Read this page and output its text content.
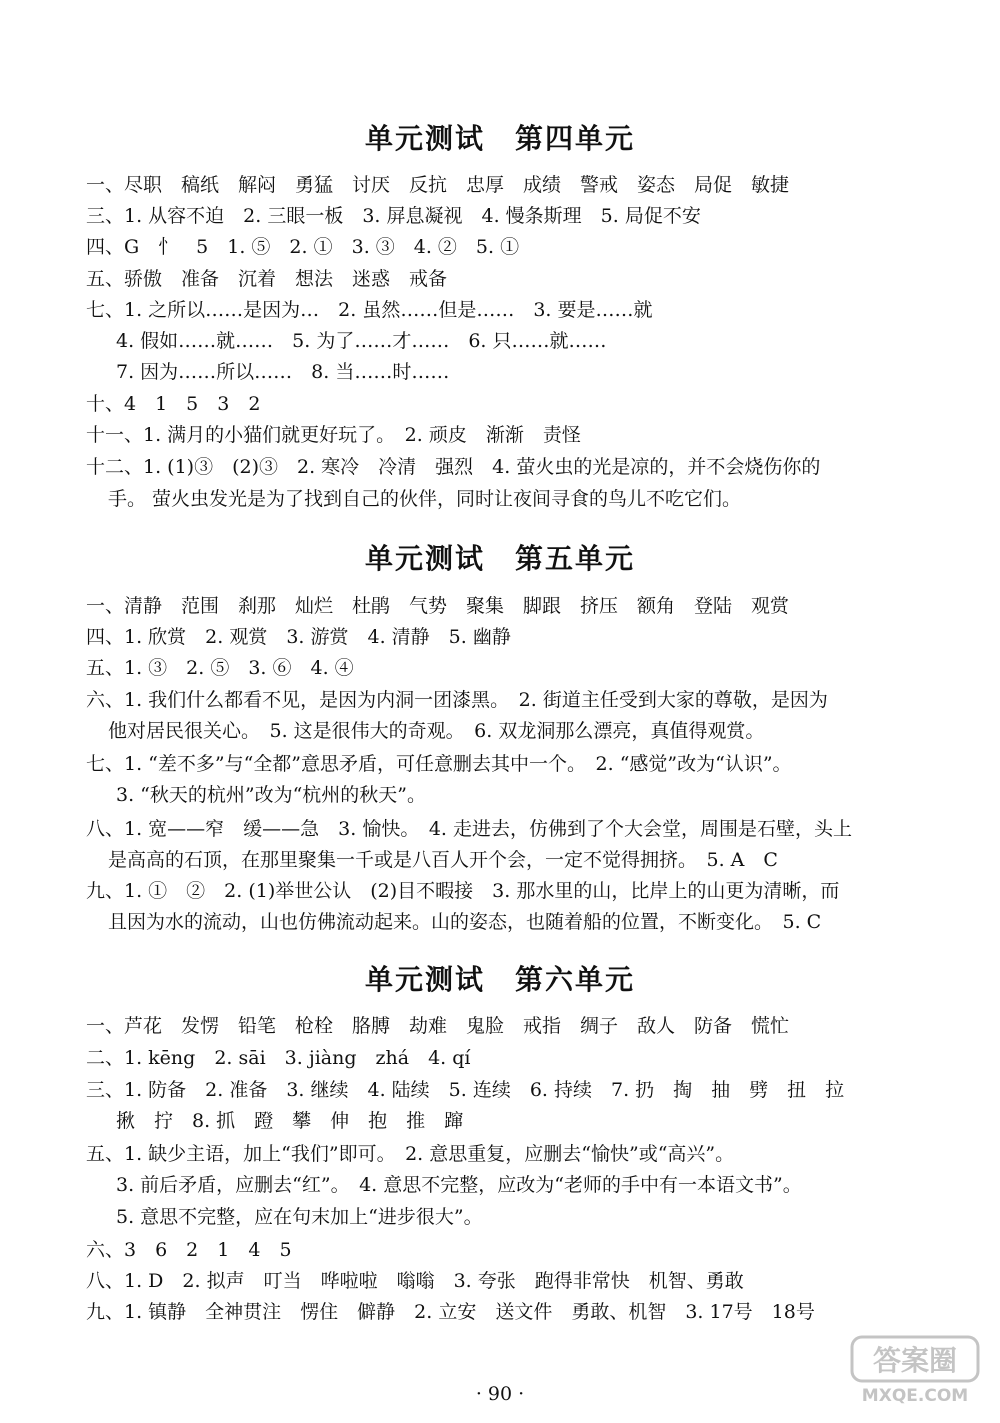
单元测试　第四单元
一、尽职　稿纸　解闷　勇猛　讨厌　反抗　忠厚　成绩　警戒　姿态　局促　敏捷
三、1. 从容不迫　2. 三眼一板　3. 屏息凝视　4. 慢条斯理　5. 局促不安
四、G　忄　5　1. ⑤　2. ①　3. ③　4. ②　5. ①
五、骄傲　准备　沉着　想法　迷惑　戒备
七、1. 之所以……是因为…　2. 虽然……但是……　3. 要是……就
4. 假如……就……　5. 为了……才……　6. 只……就……
7. 因为……所以……　8. 当……时……
十、4　1　5　3　2
十一、1. 满月的小猫们就更好玩了。　2. 顽皮　渐渐　责怪
十二、1. (1)③　(2)③　2. 寒冷　冷清　强烈　4. 萤火虫的光是凉的，并不会烧伤你的
手。 萤火虫发光是为了找到自己的伙伴，同时让夜间寻食的鸟儿不吃它们。
单元测试　第五单元
一、清静　范围　刹那　灿烂　杜鹃　气势　聚集　脚跟　挤压　额角　登陆　观赏
四、1. 欣赏　2. 观赏　3. 游赏　4. 清静　5. 幽静
五、1. ③　2. ⑤　3. ⑥　4. ④
六、1. 我们什么都看不见，是因为内洞一团漆黑。　2. 街道主任受到大家的尊敬，是因为
他对居民很关心。　5. 这是很伟大的奇观。　6. 双龙洞那么漂亮，真值得观赏。
七、1. “差不多”与“全都”意思矛盾，可任意删去其中一个。　2. “感觉”改为“认识”。
3. “秋天的杭州”改为“杭州的秋天”。
八、1. 宽——窄　缓——急　3. 愉快。　4. 走进去，仿佛到了个大会堂，周围是石壁，头上
是高高的石顶，在那里聚集一千或是八百人开个会，一定不觉得拥挤。　5. A　C
九、1. ①　②　2. (1)举世公认　(2)目不暇接　3. 那水里的山，比岸上的山更为清晰，而
且因为水的流动，山也仿佛流动起来。山的姿态，也随着船的位置，不断变化。　5. C
单元测试　第六单元
一、芦花　发愣　铅笔　枪栓　胳膊　劫难　鬼脸　戒指　绸子　敌人　防备　慌忙
二、1. kēng　2. sāi　3. jiàng　zhá　4. qí
三、1. 防备　2. 准备　3. 继续　4. 陆续　5. 连续　6. 持续　7. 扔　掏　抽　劈　扭　拉
揪　拧　8. 抓　蹬　攀　伸　抱　推　蹿
五、1. 缺少主语，加上“我们”即可。　2. 意思重复，应删去“愉快”或“高兴”。
3. 前后矛盾，应删去“红”。　4. 意思不完整，应改为“老师的手中有一本语文书”。
5. 意思不完整，应在句末加上“进步很大”。
六、3　6　2　1　4　5
八、1. D　2. 拟声　叮当　哗啦啦　嗡嗡　3. 夸张　跑得非常快　机智、勇敢
九、1. 镇静　全神贯注　愣住　僻静　2. 立安　送文件　勇敢、机智　3. 17号　18号
· 90 ·
答案圈
MXQE.COM
